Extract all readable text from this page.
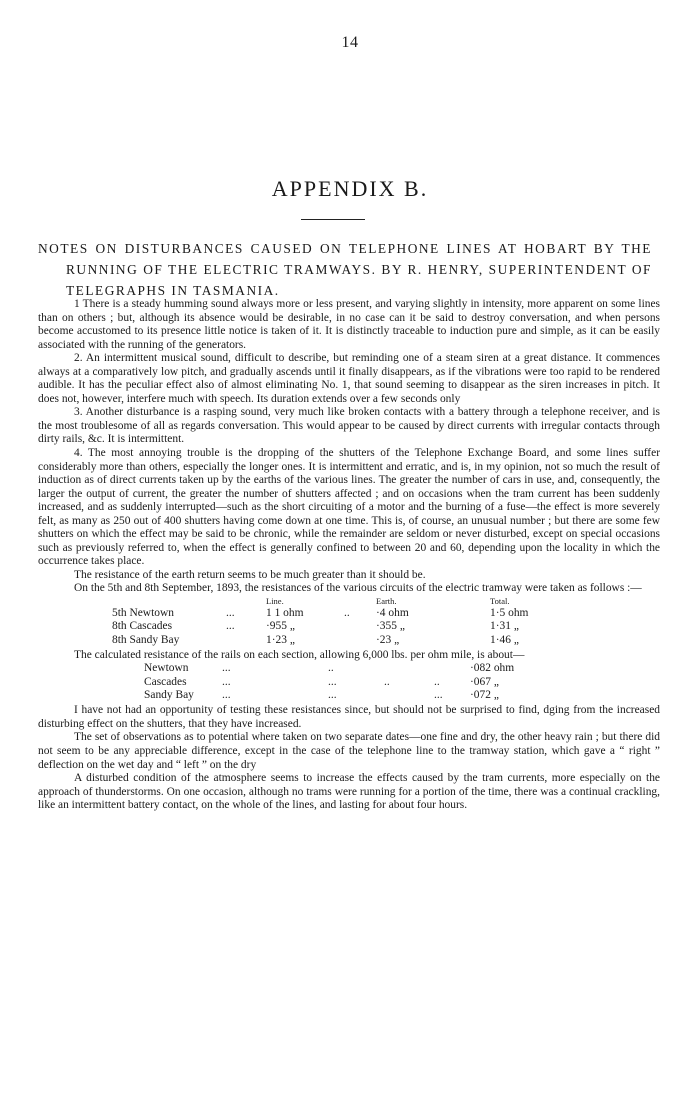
14
APPENDIX B.
NOTES ON DISTURBANCES CAUSED ON TELEPHONE LINES AT HOBART BY THE RUNNING OF THE ELECTRIC TRAMWAYS. BY R. HENRY, SUPERINTENDENT OF TELEGRAPHS IN TASMANIA.

1 There is a steady humming sound always more or less present, and varying slightly in intensity, more apparent on some lines than on others ; but, although its absence would be desirable, in no case can it be said to destroy conversation, and when persons become accustomed to its presence little notice is taken of it. It is distinctly traceable to induction pure and simple, as it can be easily associated with the running of the generators.

2. An intermittent musical sound, difficult to describe, but reminding one of a steam siren at a great distance. It commences always at a comparatively low pitch, and gradually ascends until it finally disappears, as if the vibrations were too rapid to be rendered audible. It has the peculiar effect also of almost eliminating No. 1, that sound seeming to disappear as the siren increases in pitch. It does not, however, interfere much with speech. Its duration extends over a few seconds only

3. Another disturbance is a rasping sound, very much like broken contacts with a battery through a telephone receiver, and is the most troublesome of all as regards conversation. This would appear to be caused by direct currents with irregular contacts through dirty rails, &c. It is intermittent.

4. The most annoying trouble is the dropping of the shutters of the Telephone Exchange Board, and some lines suffer considerably more than others, especially the longer ones. It is intermittent and erratic, and is, in my opinion, not so much the result of induction as of direct currents taken up by the earths of the various lines. The greater the number of cars in use, and, consequently, the larger the output of current, the greater the number of shutters affected ; and on occasions when the tram current has been suddenly increased, and as suddenly interrupted—such as the short circuiting of a motor and the burning of a fuse—the effect is more severely felt, as many as 250 out of 400 shutters having come down at one time. This is, of course, an unusual number ; but there are some few shutters on which the effect may be said to be chronic, while the remainder are seldom or never disturbed, except on special occasions such as previously referred to, when the effect is generally confined to between 20 and 60, depending upon the locality in which the occurrence takes place.

The resistance of the earth return seems to be much greater than it should be.

On the 5th and 8th September, 1893, the resistances of the various circuits of the electric tramway were taken as follows :—

		Line.		Earth.	Total.
5th Newtown	...	1 1 ohm	..	·4 ohm	1·5 ohm
8th Cascades	...	·955 „		·355 „	1·31 „
8th Sandy Bay		1·23 „		·23 „	1·46 „

The calculated resistance of the rails on each section, allowing 6,000 lbs. per ohm mile, is about—

Newtown	...	..			·082 ohm
Cascades	...	...	..	..	·067 „
Sandy Bay	...	...		...	·072 „

I have not had an opportunity of testing these resistances since, but should not be surprised to find, dging from the increased disturbing effect on the shutters, that they have increased.

The set of observations as to potential where taken on two separate dates—one fine and dry, the other heavy rain ; but there did not seem to be any appreciable difference, except in the case of the telephone line to the tramway station, which gave a “ right ” deflection on the wet day and “ left ” on the dry

A disturbed condition of the atmosphere seems to increase the effects caused by the tram currents, more especially on the approach of thunderstorms. On one occasion, although no trams were running for a portion of the time, there was a continual crackling, like an intermittent battery contact, on the whole of the lines, and lasting for about four hours.
